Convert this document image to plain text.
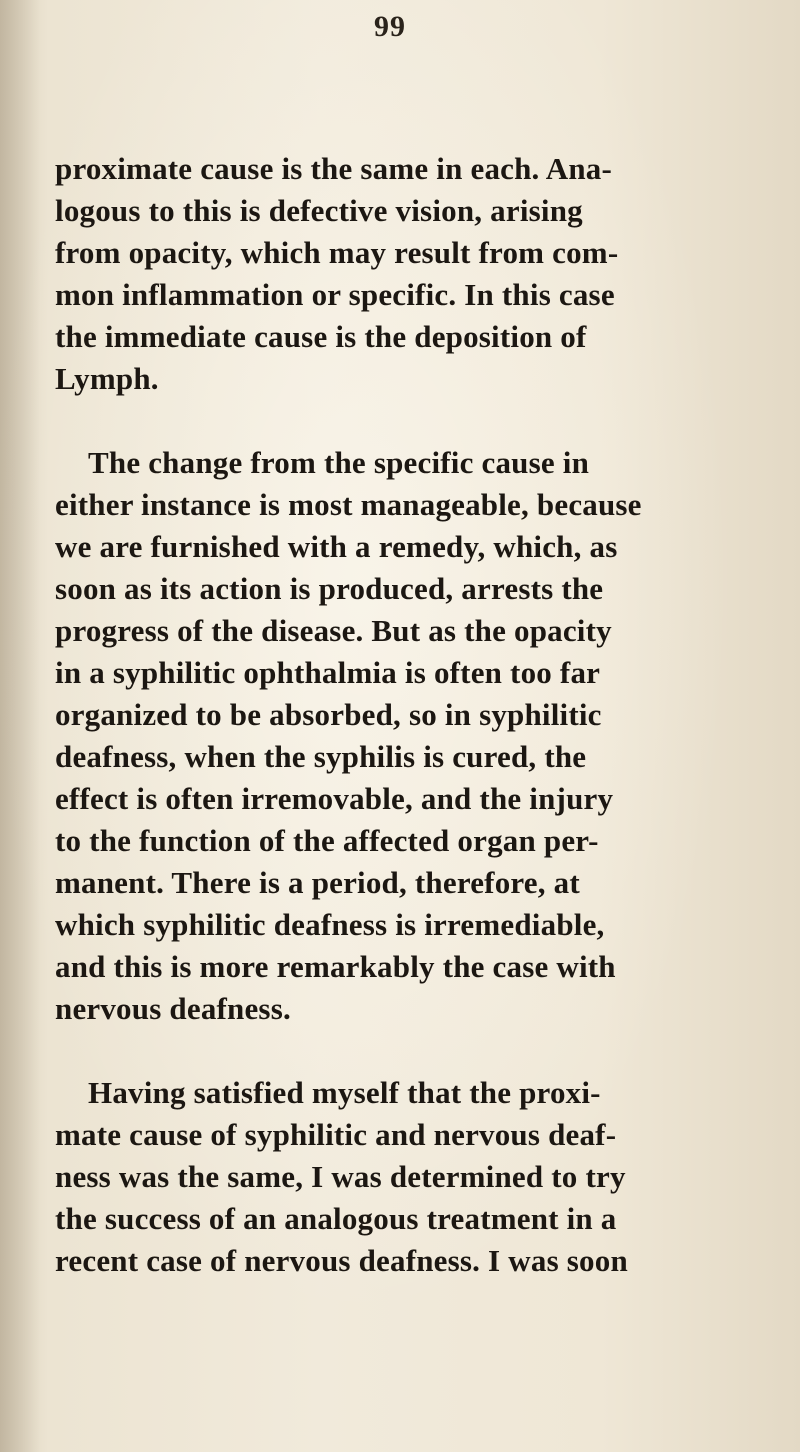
99

proximate cause is the same in each. Ana-
logous to this is defective vision, arising
from opacity, which may result from com-
mon inflammation or specific. In this case
the immediate cause is the deposition of
Lymph.

The change from the specific cause in
either instance is most manageable, because
we are furnished with a remedy, which, as
soon as its action is produced, arrests the
progress of the disease. But as the opacity
in a syphilitic ophthalmia is often too far
organized to be absorbed, so in syphilitic
deafness, when the syphilis is cured, the
effect is often irremovable, and the injury
to the function of the affected organ per-
manent. There is a period, therefore, at
which syphilitic deafness is irremediable,
and this is more remarkably the case with
nervous deafness.

Having satisfied myself that the proxi-
mate cause of syphilitic and nervous deaf-
ness was the same, I was determined to try
the success of an analogous treatment in a
recent case of nervous deafness. I was soon
